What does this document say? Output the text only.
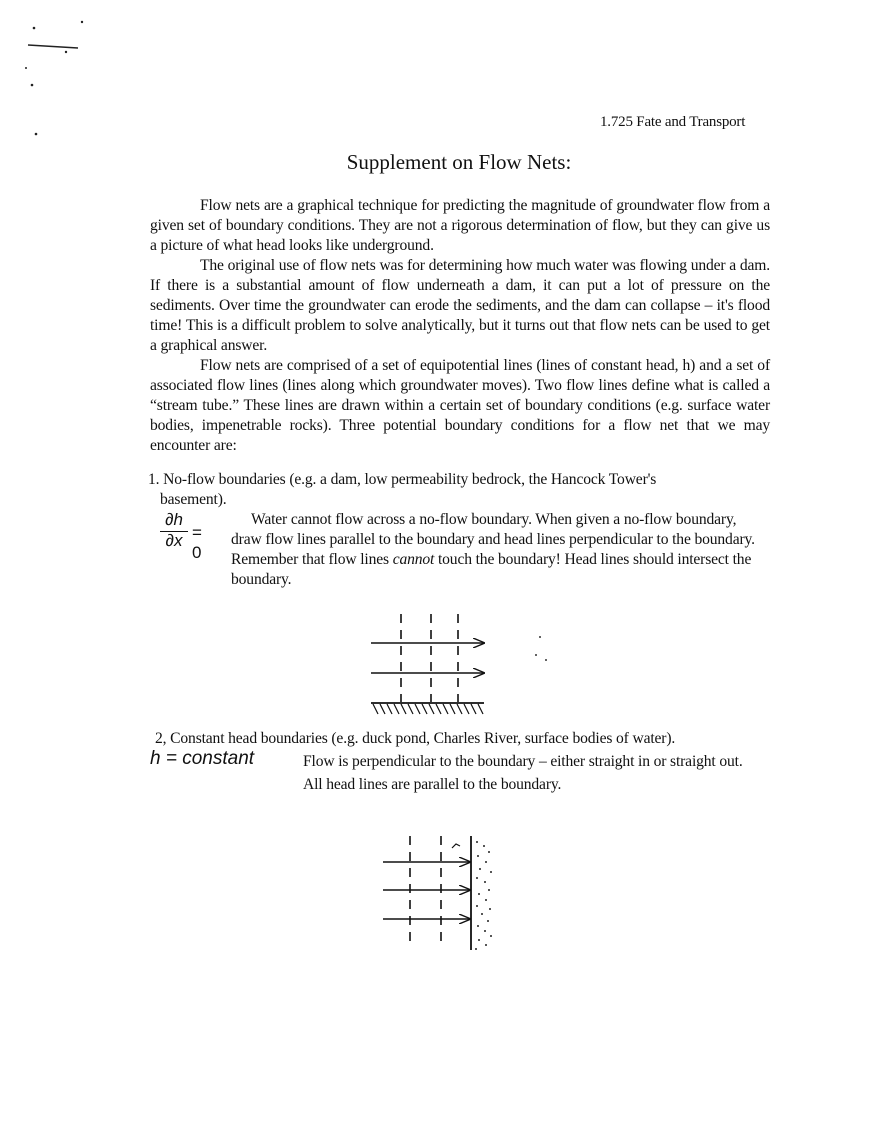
1.725 Fate and Transport
Supplement on Flow Nets:

Flow nets are a graphical technique for predicting the magnitude of groundwater flow from a given set of boundary conditions. They are not a rigorous determination of flow, but they can give us a picture of what head looks like underground.

The original use of flow nets was for determining how much water was flowing under a dam. If there is a substantial amount of flow underneath a dam, it can put a lot of pressure on the sediments. Over time the groundwater can erode the sediments, and the dam can collapse – it's flood time! This is a difficult problem to solve analytically, but it turns out that flow nets can be used to get a graphical answer.

Flow nets are comprised of a set of equipotential lines (lines of constant head, h) and a set of associated flow lines (lines along which groundwater moves). Two flow lines define what is called a “stream tube.” These lines are drawn within a certain set of boundary conditions (e.g. surface water bodies, impenetrable rocks). Three potential boundary conditions for a flow net that we may encounter are:

1. No-flow boundaries (e.g. a dam, low permeability bedrock, the Hancock Tower's
basement).
$\frac{\partial h}{\partial x} = 0$
Water cannot flow across a no-flow boundary. When given a no-flow boundary, draw flow lines parallel to the boundary and head lines perpendicular to the boundary. Remember that flow lines cannot touch the boundary! Head lines should intersect the boundary.
2, Constant head boundaries (e.g. duck pond, Charles River, surface bodies of water).
h = constant	Flow is perpendicular to the boundary – either straight in or straight out. All head lines are parallel to the boundary.
